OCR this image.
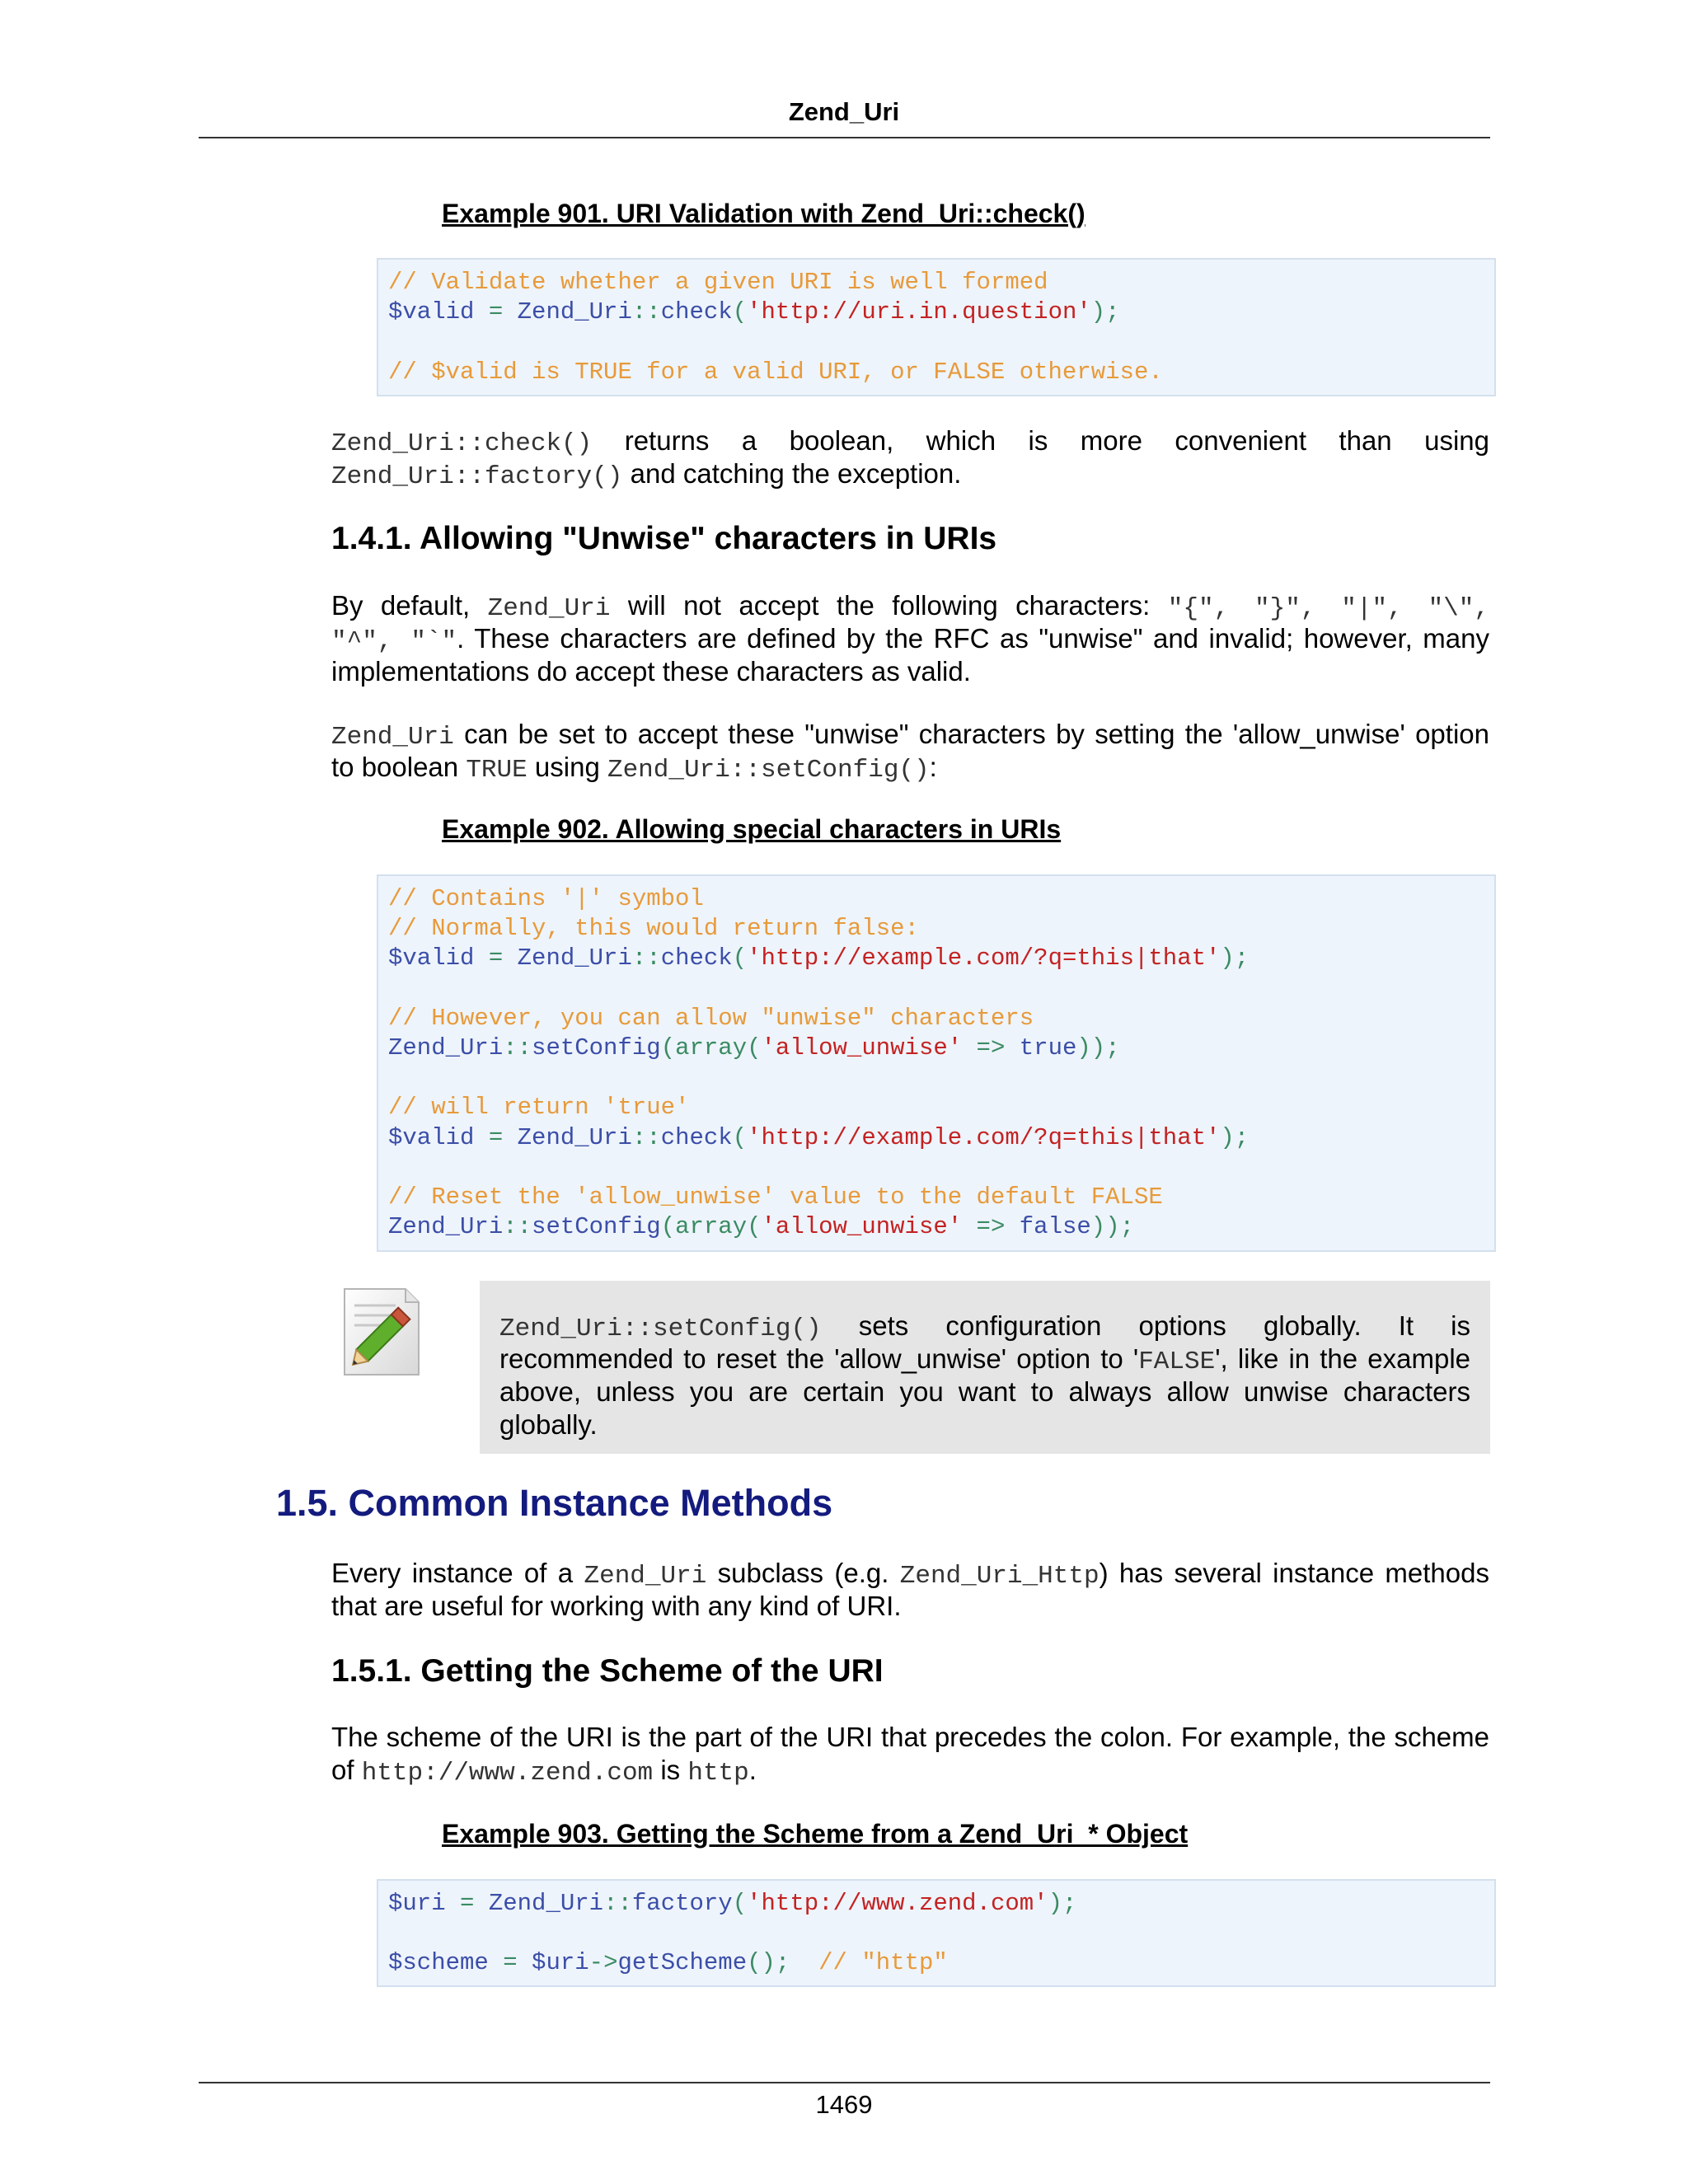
Zend_Uri
Example 901. URI Validation with Zend_Uri::check()
// Validate whether a given URI is well formed
$valid = Zend_Uri::check('http://uri.in.question');
// $valid is TRUE for a valid URI, or FALSE otherwise.
Zend_Uri::check() returns a boolean, which is more convenient than using
Zend_Uri::factory() and catching the exception.
1.4.1. Allowing "Unwise" characters in URIs
By default, Zend_Uri will not accept the following characters: "{", "}", "|", "\",
"^", "`". These characters are defined by the RFC as "unwise" and invalid; however, many
implementations do accept these characters as valid.
Zend_Uri can be set to accept these "unwise" characters by setting the 'allow_unwise' option
to boolean TRUE using Zend_Uri::setConfig():
Example 902. Allowing special characters in URIs
// Contains '|' symbol
// Normally, this would return false:
$valid = Zend_Uri::check('http://example.com/?q=this|that');
// However, you can allow "unwise" characters
Zend_Uri::setConfig(array('allow_unwise' => true));
// will return 'true'
$valid = Zend_Uri::check('http://example.com/?q=this|that');
// Reset the 'allow_unwise' value to the default FALSE
Zend_Uri::setConfig(array('allow_unwise' => false));
Zend_Uri::setConfig() sets configuration options globally. It is
recommended to reset the 'allow_unwise' option to 'FALSE', like in the example
above, unless you are certain you want to always allow unwise characters
globally.
1.5. Common Instance Methods
Every instance of a Zend_Uri subclass (e.g. Zend_Uri_Http) has several instance methods
that are useful for working with any kind of URI.
1.5.1. Getting the Scheme of the URI
The scheme of the URI is the part of the URI that precedes the colon. For example, the scheme
of http://www.zend.com is http.
Example 903. Getting the Scheme from a Zend_Uri_* Object
$uri = Zend_Uri::factory('http://www.zend.com');
$scheme = $uri->getScheme(); // "http"
1469
